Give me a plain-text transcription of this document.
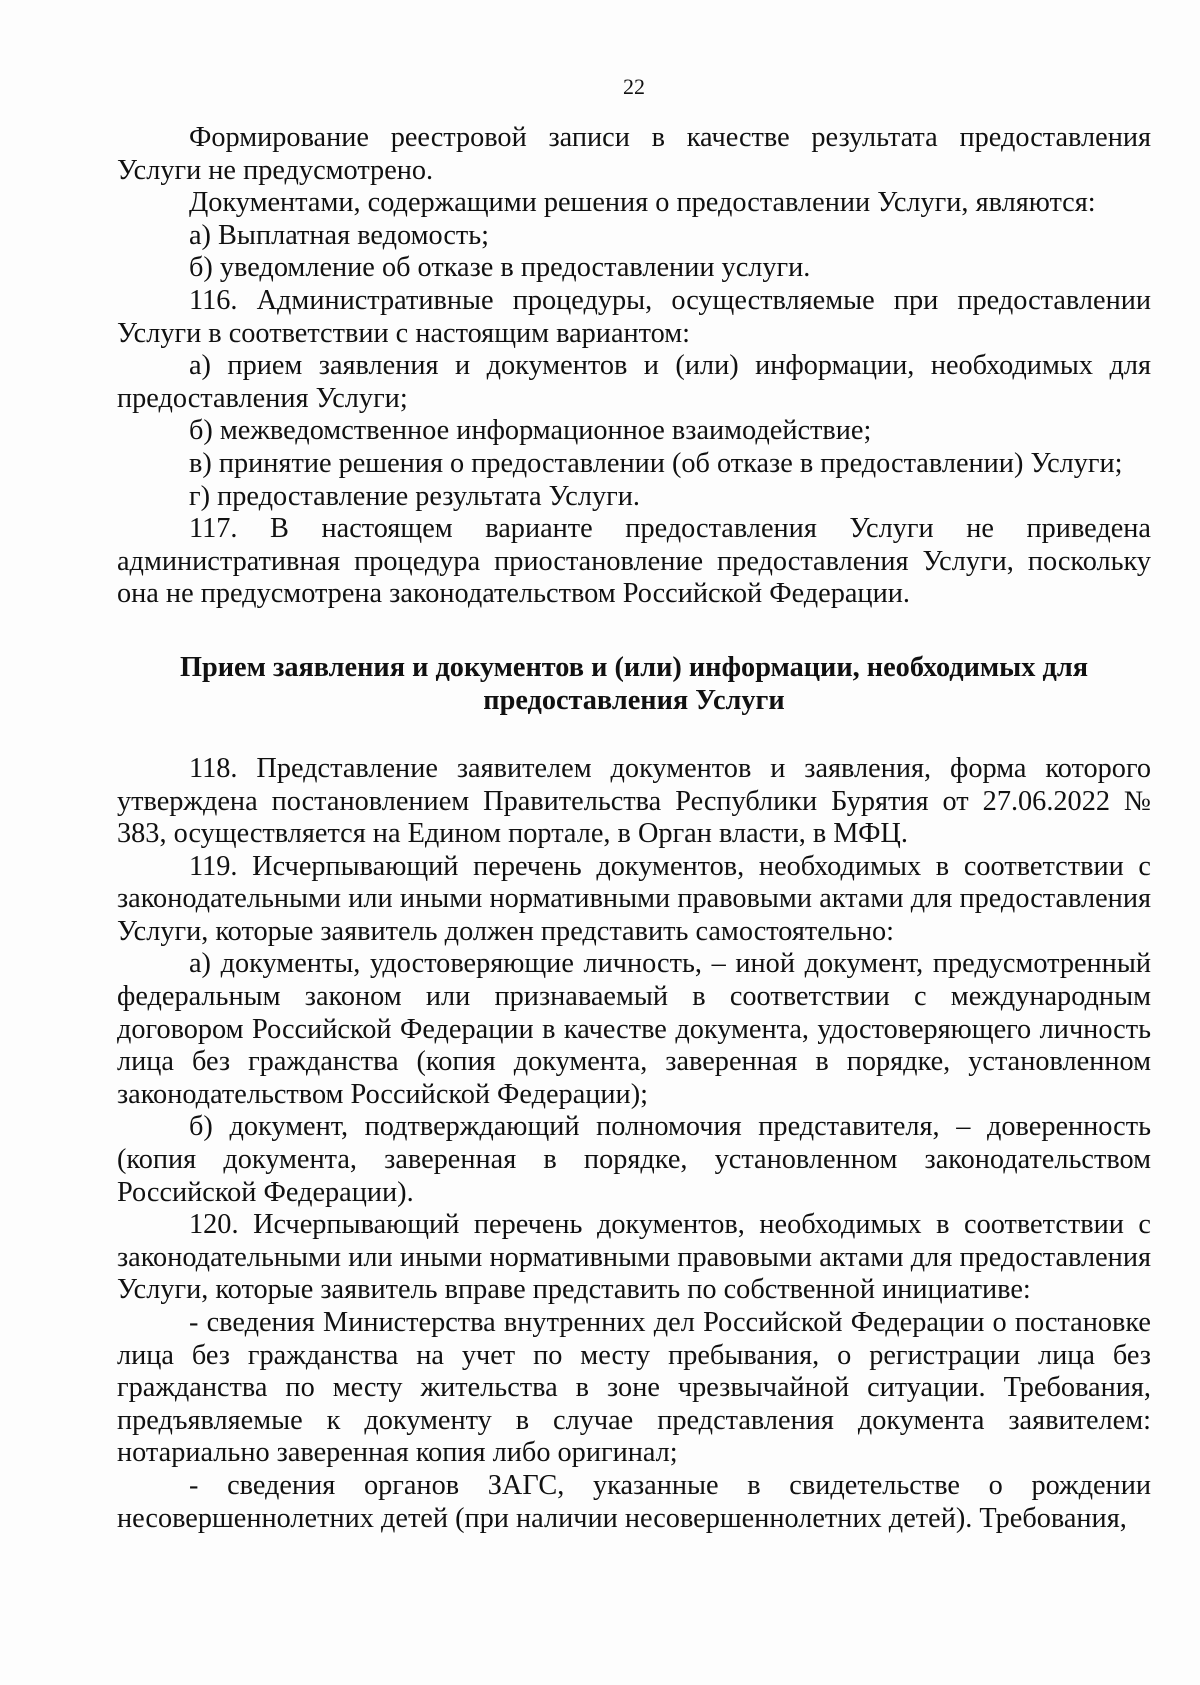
22

Формирование реестровой записи в качестве результата предоставления Услуги не предусмотрено.

Документами, содержащими решения о предоставлении Услуги, являются:

а) Выплатная ведомость;

б) уведомление об отказе в предоставлении услуги.

116. Административные процедуры, осуществляемые при предоставлении Услуги в соответствии с настоящим вариантом:

а) прием заявления и документов и (или) информации, необходимых для предоставления Услуги;

б) межведомственное информационное взаимодействие;

в) принятие решения о предоставлении (об отказе в предоставлении) Услуги;

г) предоставление результата Услуги.

117. В настоящем варианте предоставления Услуги не приведена административная процедура приостановление предоставления Услуги, поскольку она не предусмотрена законодательством Российской Федерации.

Прием заявления и документов и (или) информации, необходимых для предоставления Услуги

118. Представление заявителем документов и заявления, форма которого утверждена постановлением Правительства Республики Бурятия от 27.06.2022 № 383, осуществляется на Едином портале, в Орган власти, в МФЦ.

119. Исчерпывающий перечень документов, необходимых в соответствии с законодательными или иными нормативными правовыми актами для предоставления Услуги, которые заявитель должен представить самостоятельно:

а) документы, удостоверяющие личность, – иной документ, предусмотренный федеральным законом или признаваемый в соответствии с международным договором Российской Федерации в качестве документа, удостоверяющего личность лица без гражданства (копия документа, заверенная в порядке, установленном законодательством Российской Федерации);

б) документ, подтверждающий полномочия представителя, – доверенность (копия документа, заверенная в порядке, установленном законодательством Российской Федерации).

120. Исчерпывающий перечень документов, необходимых в соответствии с законодательными или иными нормативными правовыми актами для предоставления Услуги, которые заявитель вправе представить по собственной инициативе:

- сведения Министерства внутренних дел Российской Федерации о постановке лица без гражданства на учет по месту пребывания, о регистрации лица без гражданства по месту жительства в зоне чрезвычайной ситуации. Требования, предъявляемые к документу в случае представления документа заявителем: нотариально заверенная копия либо оригинал;

- сведения органов ЗАГС, указанные в свидетельстве о рождении несовершеннолетних детей (при наличии несовершеннолетних детей). Требования,
